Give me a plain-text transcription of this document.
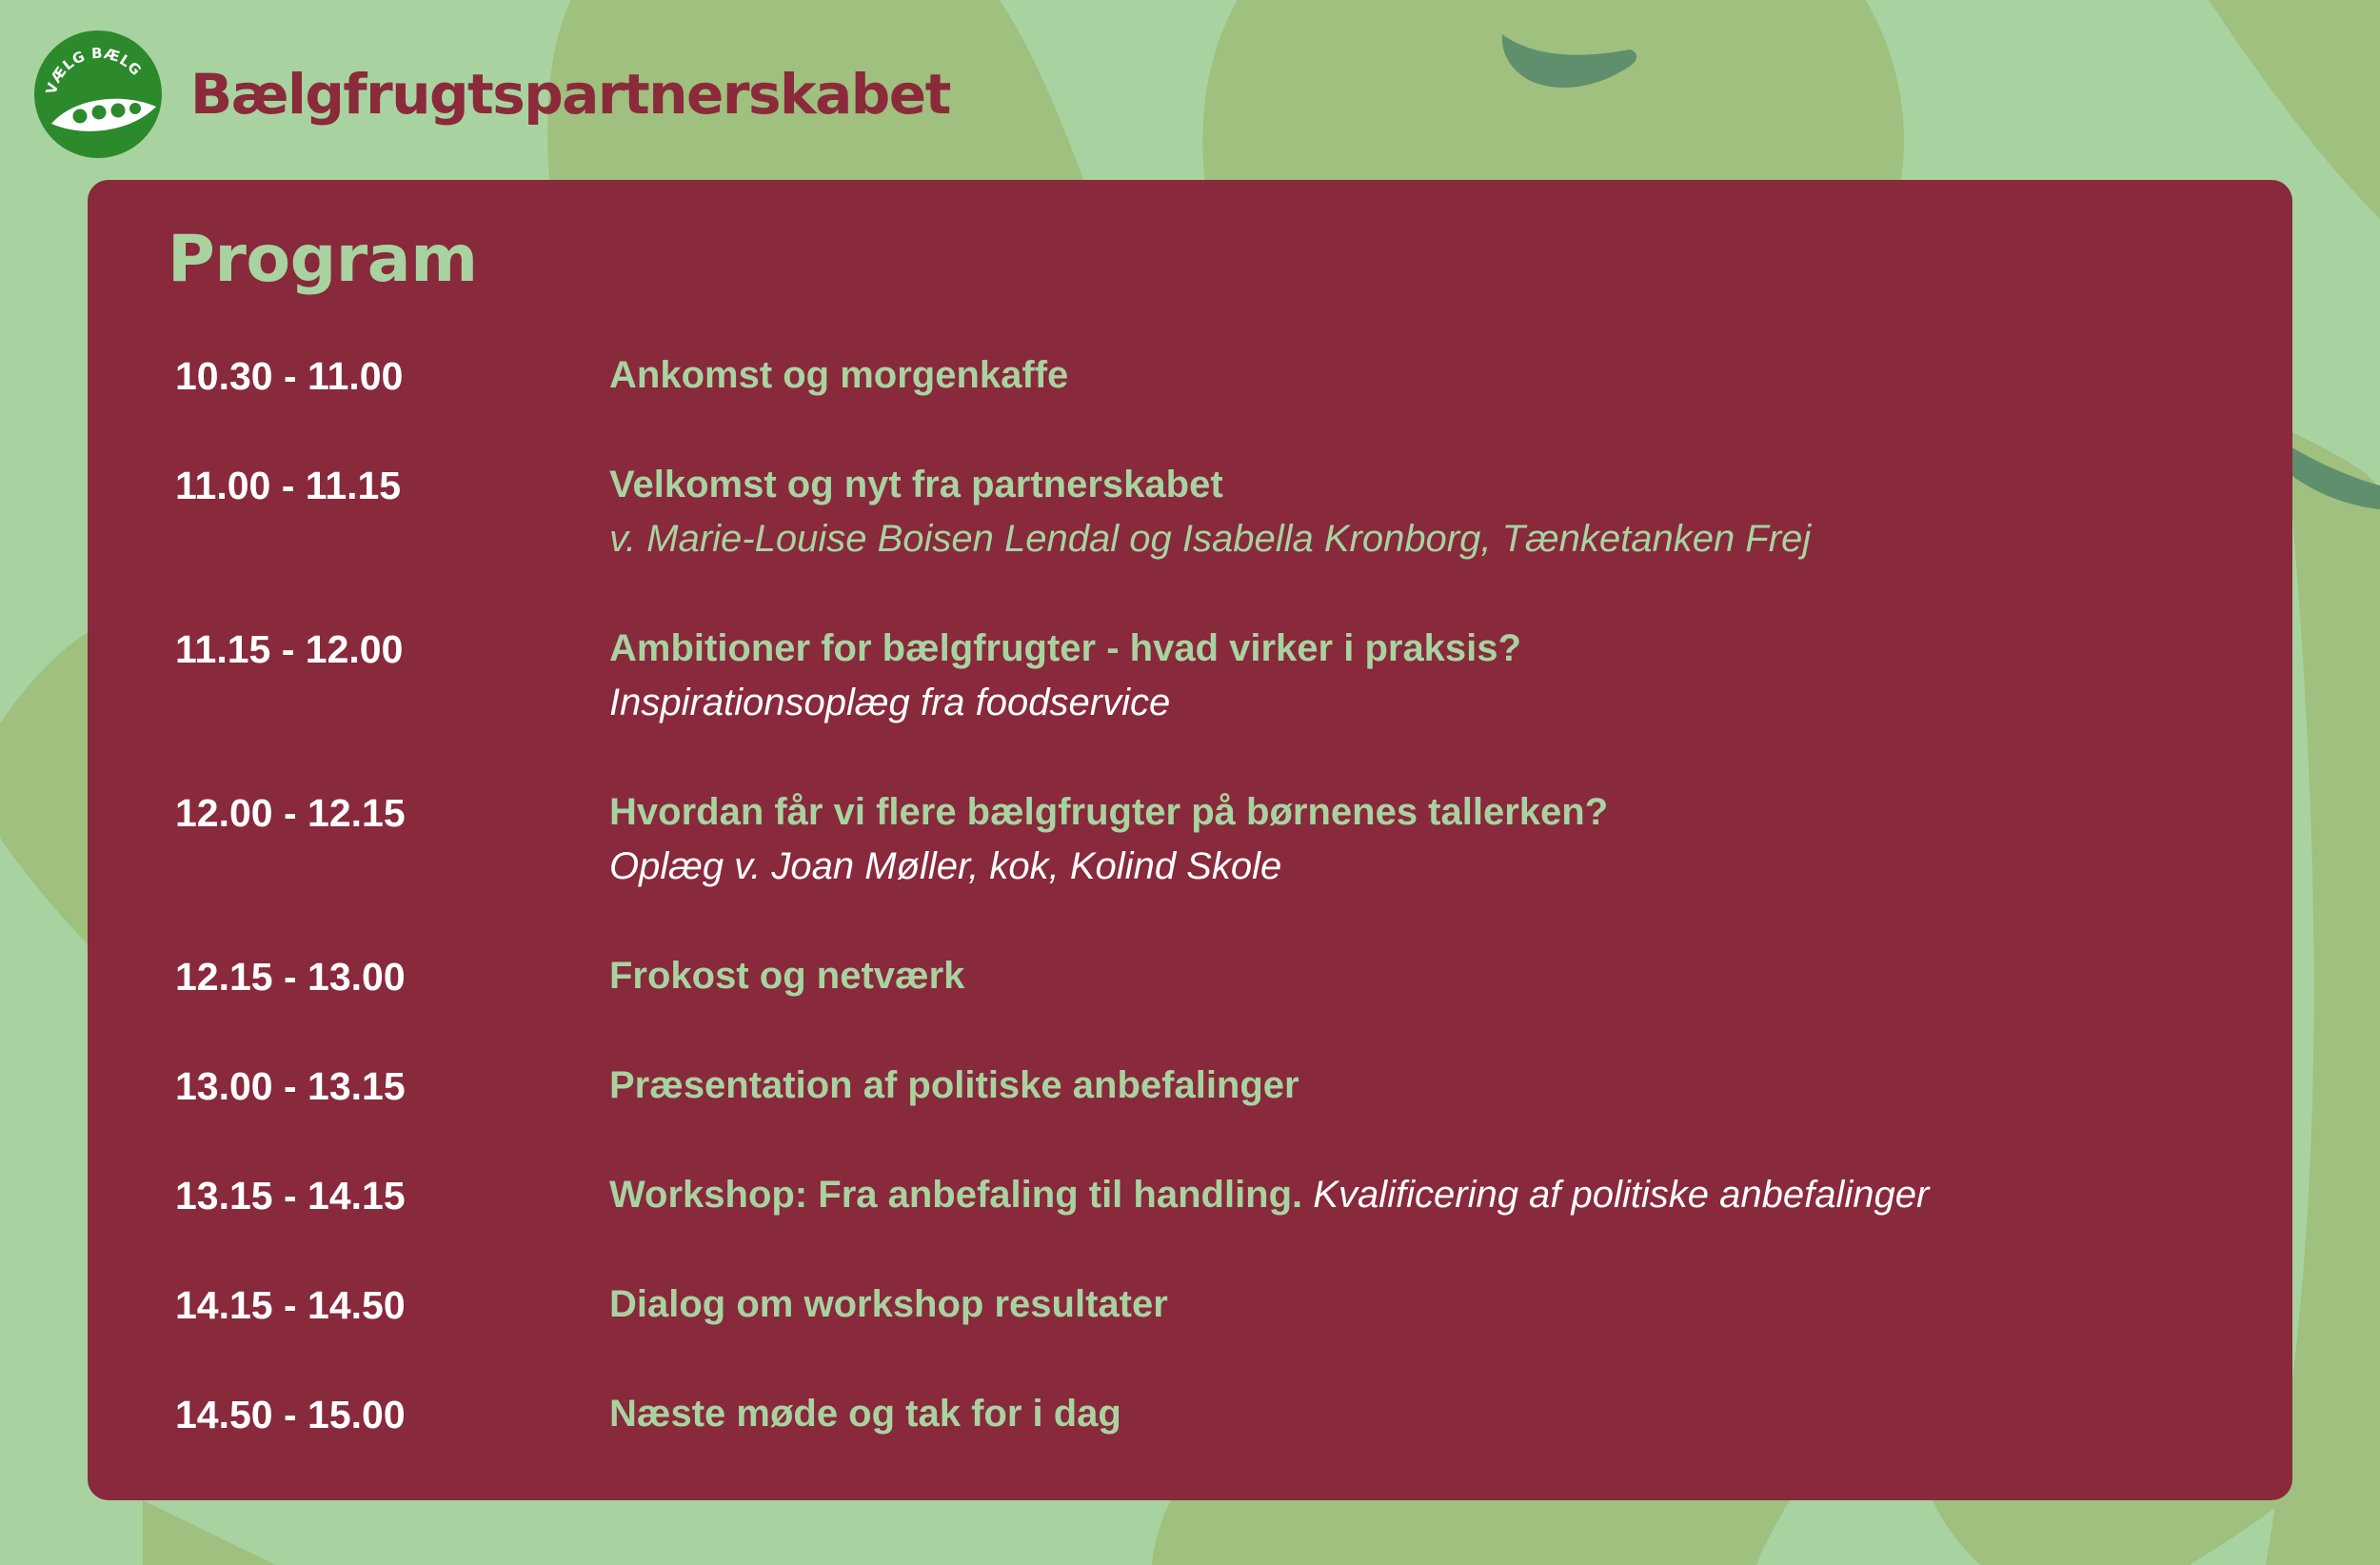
VÆLG BÆLG Bælgfrugtspartnerskabet
Program
10.30 - 11.00	Ankomst og morgenkaffe
11.00 - 11.15	Velkomst og nyt fra partnerskabet
v. Marie-Louise Boisen Lendal og Isabella Kronborg, Tænketanken Frej
11.15 - 12.00	Ambitioner for bælgfrugter - hvad virker i praksis?
Inspirationsoplæg fra foodservice
12.00 - 12.15	Hvordan får vi flere bælgfrugter på børnenes tallerken?
Oplæg v. Joan Møller, kok, Kolind Skole
12.15 - 13.00	Frokost og netværk
13.00 - 13.15	Præsentation af politiske anbefalinger
13.15 - 14.15	Workshop: Fra anbefaling til handling. Kvalificering af politiske anbefalinger
14.15 - 14.50	Dialog om workshop resultater
14.50 - 15.00	Næste møde og tak for i dag
